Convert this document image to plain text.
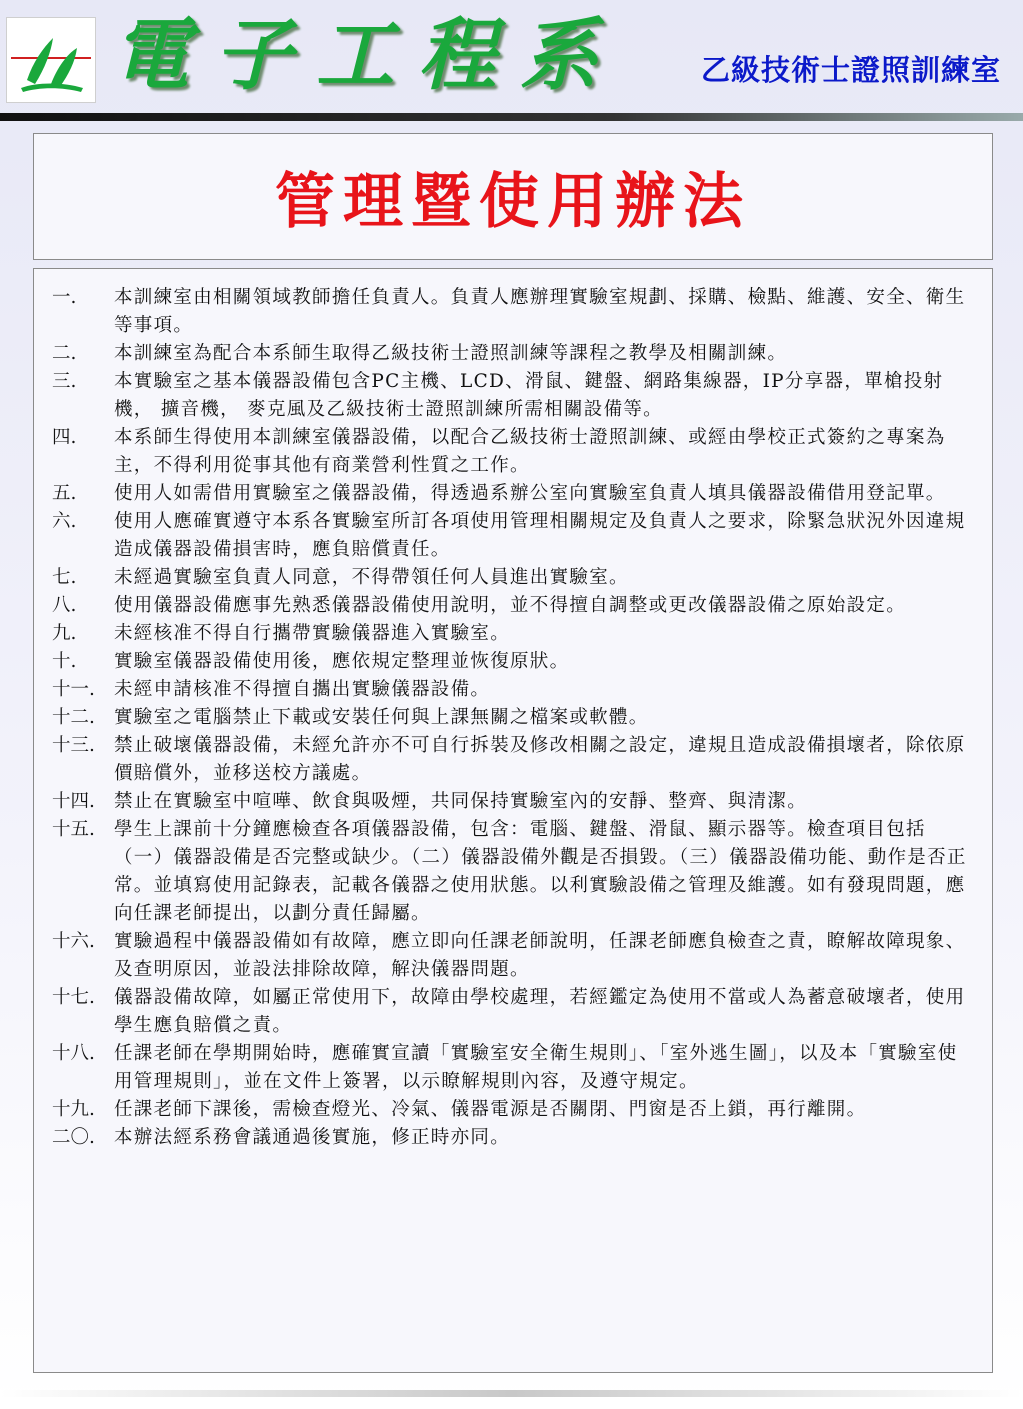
電子工程系	乙級技術士證照訓練室
管理暨使用辦法
一.	本訓練室由相關領域教師擔任負責人。負責人應辦理實驗室規劃、採購、檢點、維護、安全、衛生等事項。
二.	本訓練室為配合本系師生取得乙級技術士證照訓練等課程之教學及相關訓練。
三.	本實驗室之基本儀器設備包含PC主機、LCD、滑鼠、鍵盤、網路集線器，IP分享器，單槍投射機， 擴音機， 麥克風及乙級技術士證照訓練所需相關設備等。
四.	本系師生得使用本訓練室儀器設備，以配合乙級技術士證照訓練、或經由學校正式簽約之專案為主，不得利用從事其他有商業營利性質之工作。
五.	使用人如需借用實驗室之儀器設備，得透過系辦公室向實驗室負責人填具儀器設備借用登記單。
六.	使用人應確實遵守本系各實驗室所訂各項使用管理相關規定及負責人之要求，除緊急狀況外因違規造成儀器設備損害時，應負賠償責任。
七.	未經過實驗室負責人同意，不得帶領任何人員進出實驗室。
八.	使用儀器設備應事先熟悉儀器設備使用說明，並不得擅自調整或更改儀器設備之原始設定。
九.	未經核准不得自行攜帶實驗儀器進入實驗室。
十.	實驗室儀器設備使用後，應依規定整理並恢復原狀。
十一.	未經申請核准不得擅自攜出實驗儀器設備。
十二.	實驗室之電腦禁止下載或安裝任何與上課無關之檔案或軟體。
十三.	禁止破壞儀器設備，未經允許亦不可自行拆裝及修改相關之設定，違規且造成設備損壞者，除依原價賠償外，並移送校方議處。
十四.	禁止在實驗室中喧嘩、飲食與吸煙，共同保持實驗室內的安靜、整齊、與清潔。
十五.	學生上課前十分鐘應檢查各項儀器設備，包含：電腦、鍵盤、滑鼠、顯示器等。檢查項目包括（一）儀器設備是否完整或缺少。（二）儀器設備外觀是否損毀。（三）儀器設備功能、動作是否正常。並填寫使用記錄表，記載各儀器之使用狀態。以利實驗設備之管理及維護。如有發現問題，應向任課老師提出，以劃分責任歸屬。
十六.	實驗過程中儀器設備如有故障，應立即向任課老師說明，任課老師應負檢查之責，瞭解故障現象、及查明原因，並設法排除故障，解決儀器問題。
十七.	儀器設備故障，如屬正常使用下，故障由學校處理，若經鑑定為使用不當或人為蓄意破壞者，使用學生應負賠償之責。
十八.	任課老師在學期開始時，應確實宣讀「實驗室安全衛生規則」、「室外逃生圖」，以及本「實驗室使用管理規則」，並在文件上簽署，以示瞭解規則內容，及遵守規定。
十九.	任課老師下課後，需檢查燈光、冷氣、儀器電源是否關閉、門窗是否上鎖，再行離開。
二〇.	本辦法經系務會議通過後實施，修正時亦同。
